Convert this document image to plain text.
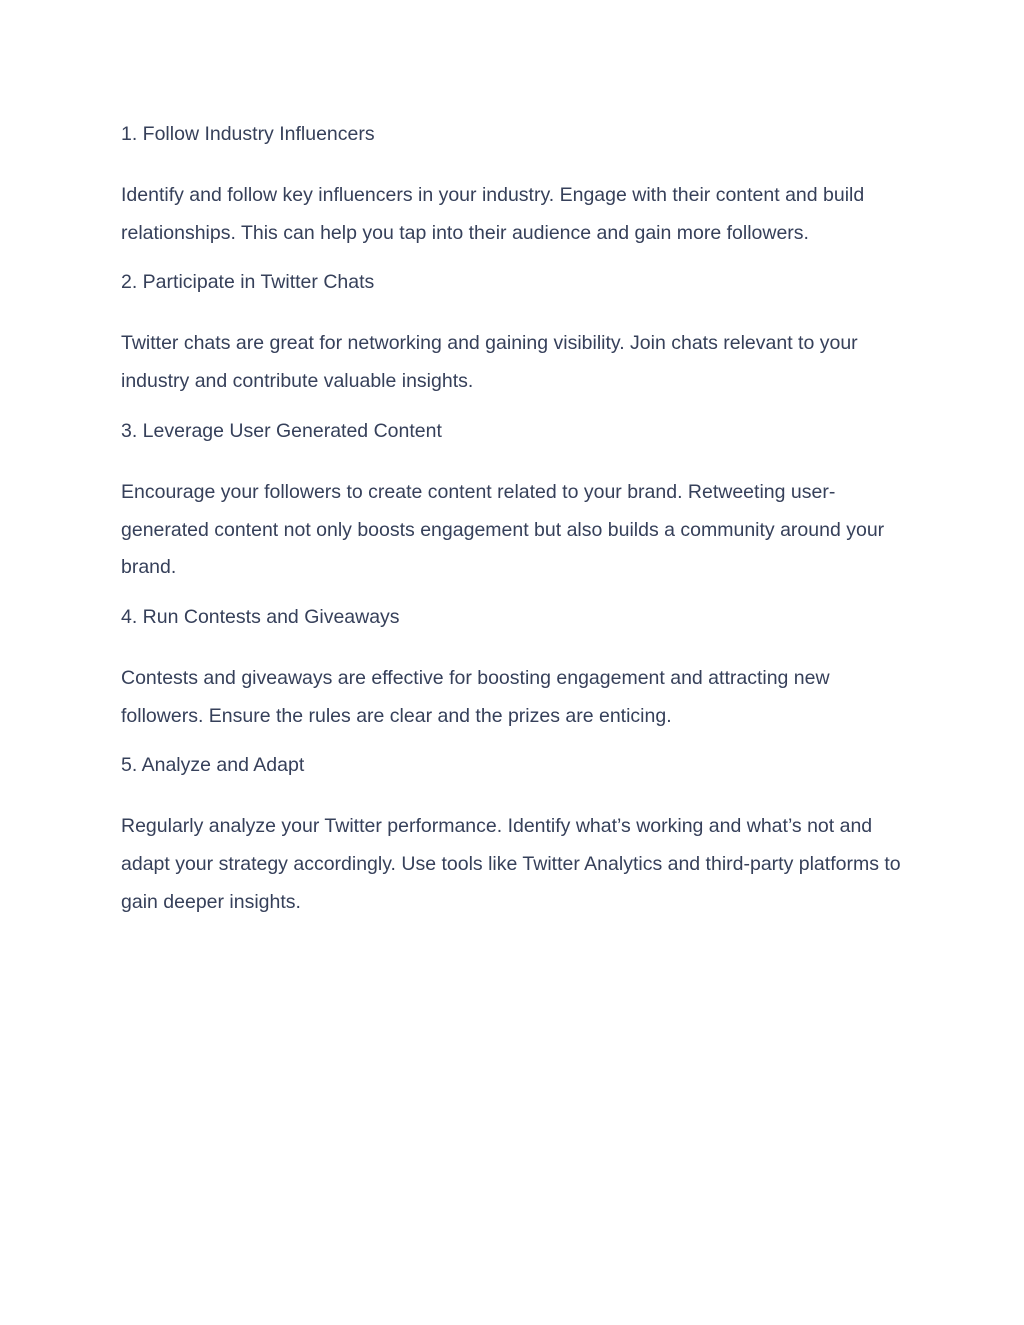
1. Follow Industry Influencers

Identify and follow key influencers in your industry. Engage with their content and build relationships. This can help you tap into their audience and gain more followers.

2. Participate in Twitter Chats

Twitter chats are great for networking and gaining visibility. Join chats relevant to your industry and contribute valuable insights.

3. Leverage User Generated Content

Encourage your followers to create content related to your brand. Retweeting user-generated content not only boosts engagement but also builds a community around your brand.

4. Run Contests and Giveaways

Contests and giveaways are effective for boosting engagement and attracting new followers. Ensure the rules are clear and the prizes are enticing.

5. Analyze and Adapt

Regularly analyze your Twitter performance. Identify what’s working and what’s not and adapt your strategy accordingly. Use tools like Twitter Analytics and third-party platforms to gain deeper insights.
